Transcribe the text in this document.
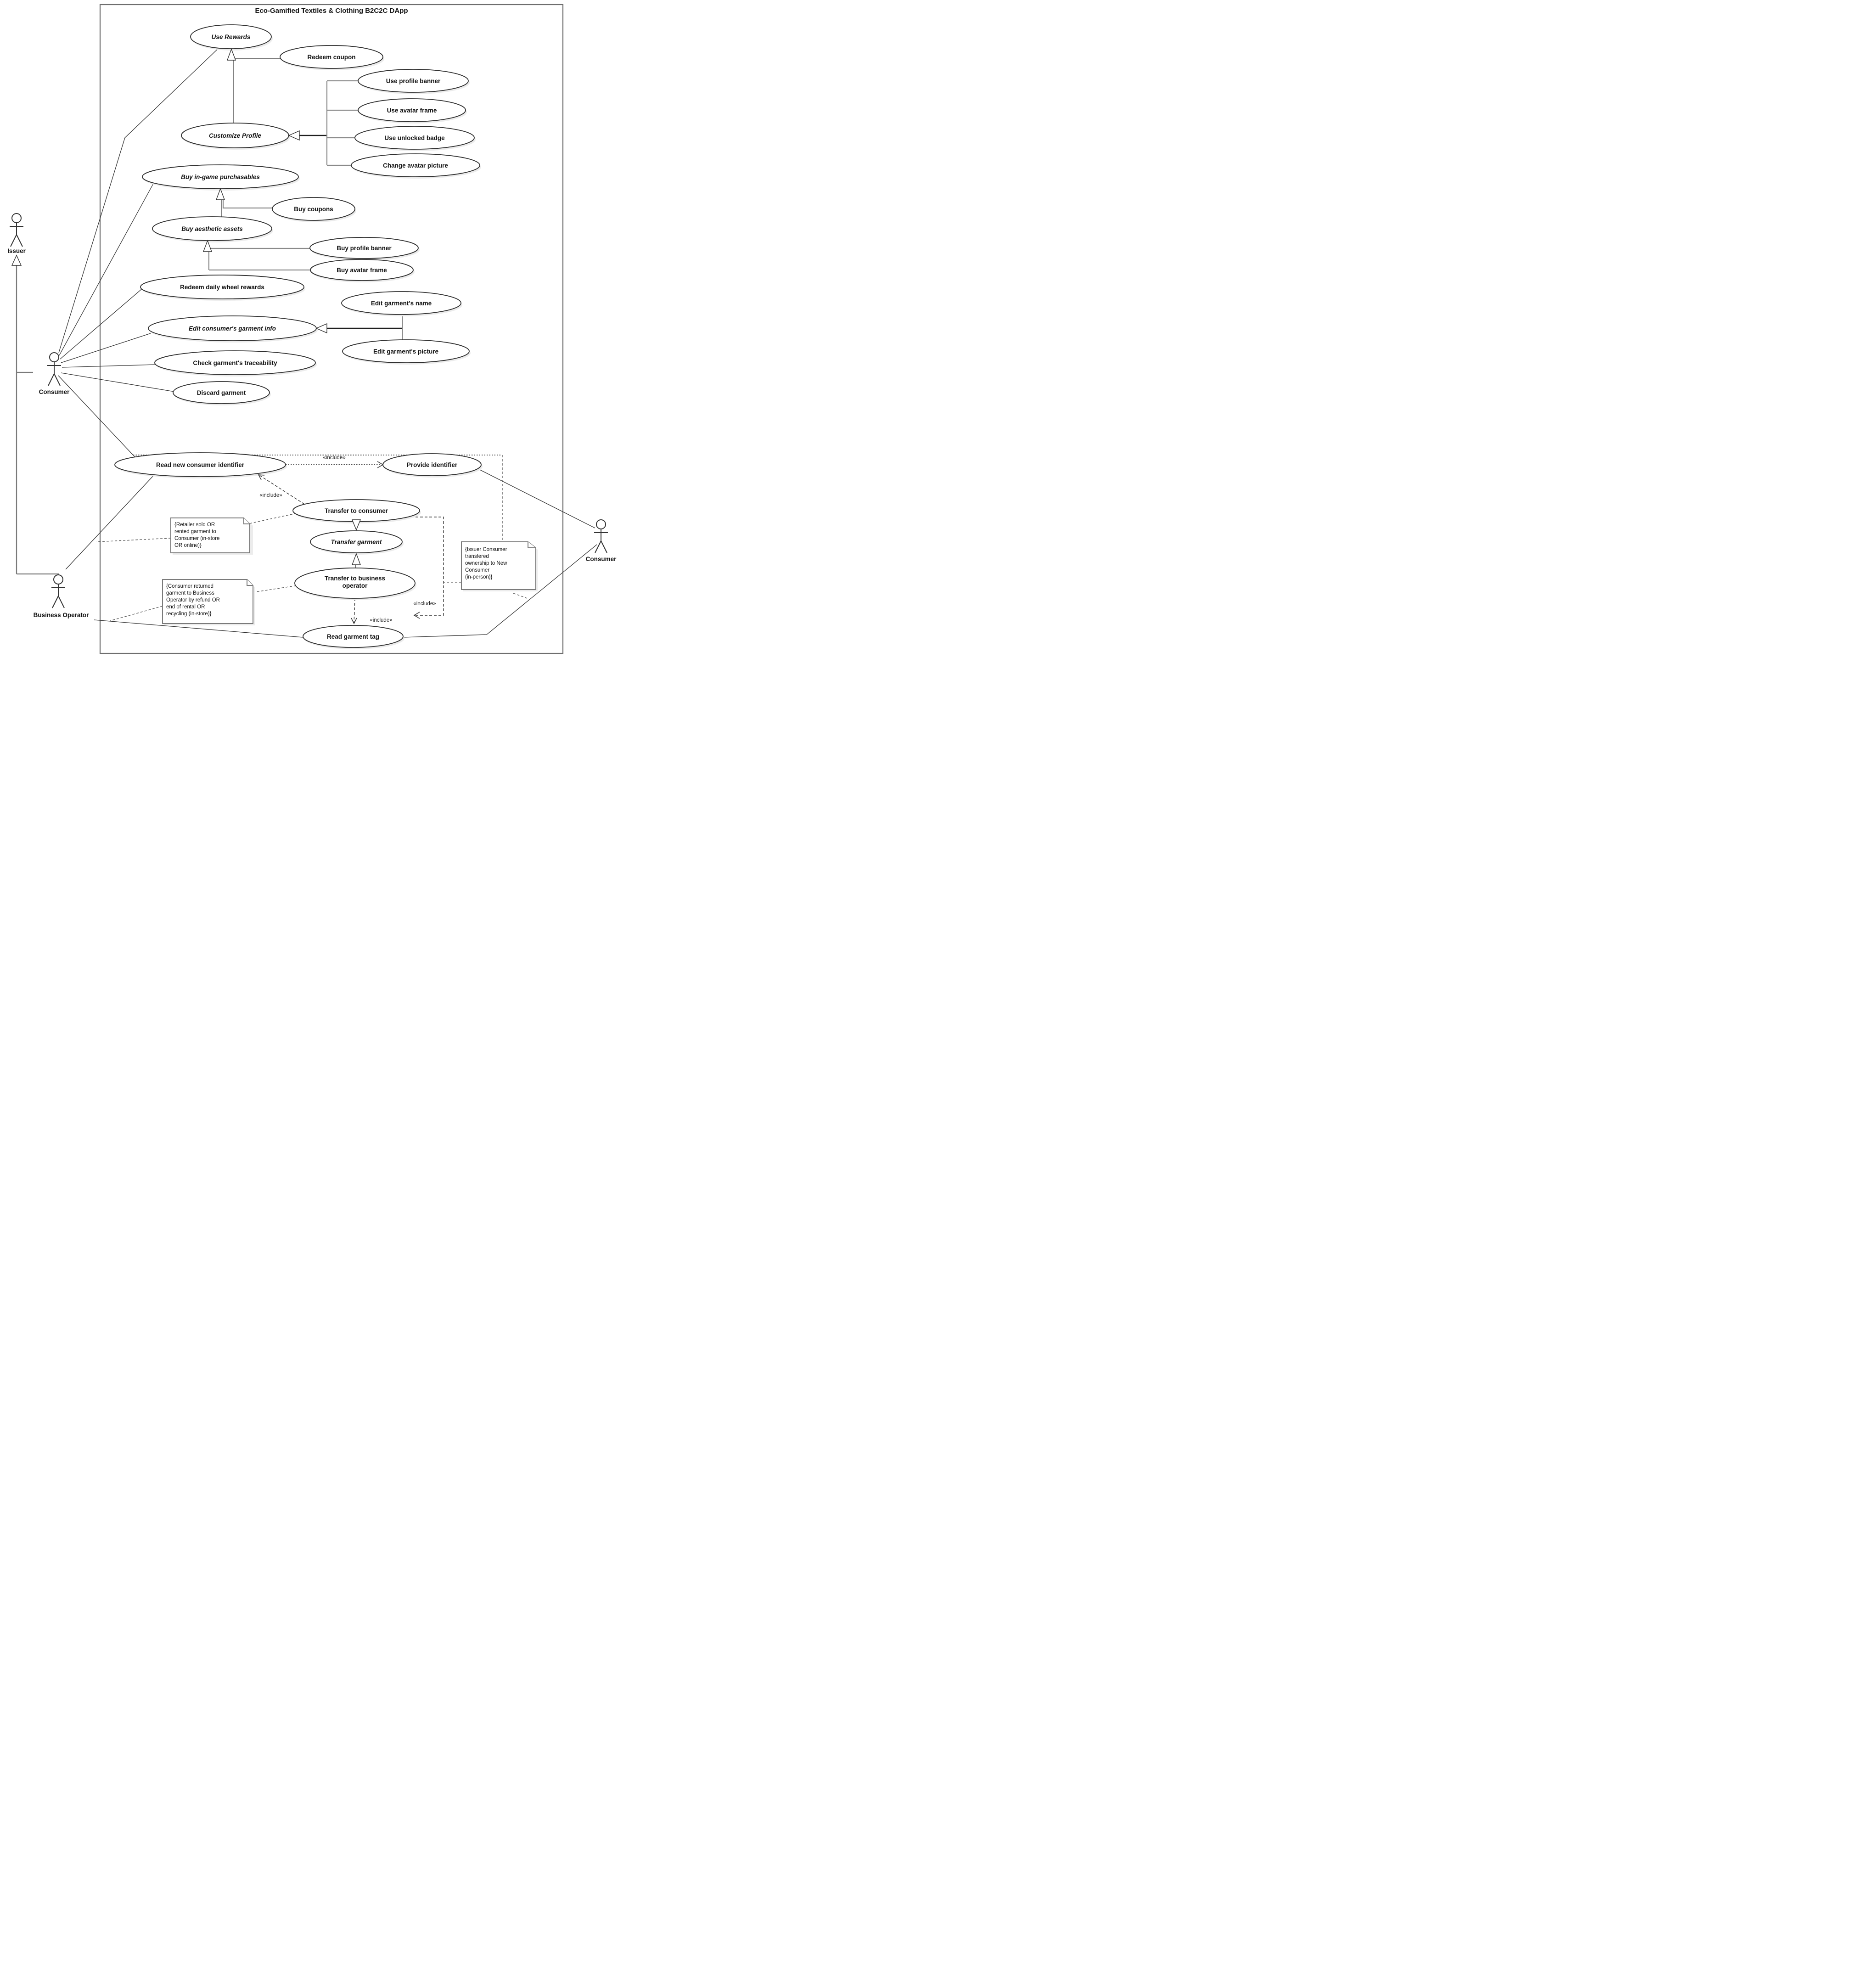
Eco-Gamified Textiles & Clothing B2C2C DApp
Use Rewards
Redeem coupon
Use profile banner
Use avatar frame
Use unlocked badge
Change avatar picture
Customize Profile
Buy in-game purchasables
Buy coupons
Buy aesthetic assets
Buy profile banner
Buy avatar frame
Redeem daily wheel rewards
Edit garment's name
Edit consumer's garment info
Edit garment's picture
Check garment's traceability
Discard garment
Read new consumer identifier	Provide identifier
Transfer to consumer
Transfer garment
Transfer to business
operator
Read garment tag
«include»
«include»
«include»
«include»
Issuer
Consumer
Business Operator
Consumer
{Retailer sold OR
rented garment to
Consumer (in-store
OR online)}
{Consumer returned
garment to Business
Operator by refund OR
end of rental OR
recycling (in-store)}
{Issuer Consumer
transfered
ownership to New
Consumer
(in-person)}
